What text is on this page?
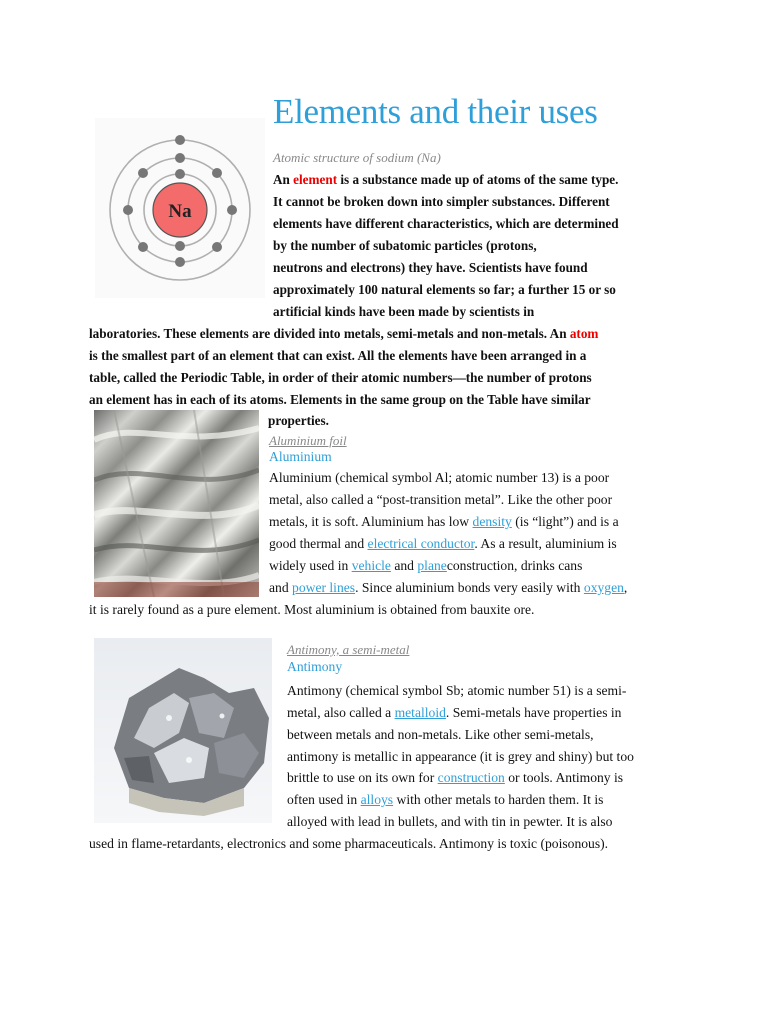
Elements and their uses
Na
Atomic structure of sodium (Na)
An element is a substance made up of atoms of the same type.
It cannot be broken down into simpler substances. Different
elements have different characteristics, which are determined
by the number of subatomic particles (protons,
neutrons and electrons) they have. Scientists have found
approximately 100 natural elements so far; a further 15 or so
artificial kinds have been made by scientists in
laboratories. These elements are divided into metals, semi-metals and non-metals. An atom
is the smallest part of an element that can exist. All the elements have been arranged in a
table, called the Periodic Table, in order of their atomic numbers—the number of protons
an element has in each of its atoms. Elements in the same group on the Table have similar
properties.
Aluminium foil
Aluminium
Aluminium (chemical symbol Al; atomic number 13) is a poor
metal, also called a “post-transition metal”. Like the other poor
metals, it is soft. Aluminium has low density (is “light”) and is a
good thermal and electrical conductor. As a result, aluminium is
widely used in vehicle and planeconstruction, drinks cans
and power lines. Since aluminium bonds very easily with oxygen,
it is rarely found as a pure element. Most aluminium is obtained from bauxite ore.
Antimony, a semi-metal
Antimony
Antimony (chemical symbol Sb; atomic number 51) is a semi-
metal, also called a metalloid. Semi-metals have properties in
between metals and non-metals. Like other semi-metals,
antimony is metallic in appearance (it is grey and shiny) but too
brittle to use on its own for construction or tools. Antimony is
often used in alloys with other metals to harden them. It is
alloyed with lead in bullets, and with tin in pewter. It is also
used in flame-retardants, electronics and some pharmaceuticals. Antimony is toxic (poisonous).
